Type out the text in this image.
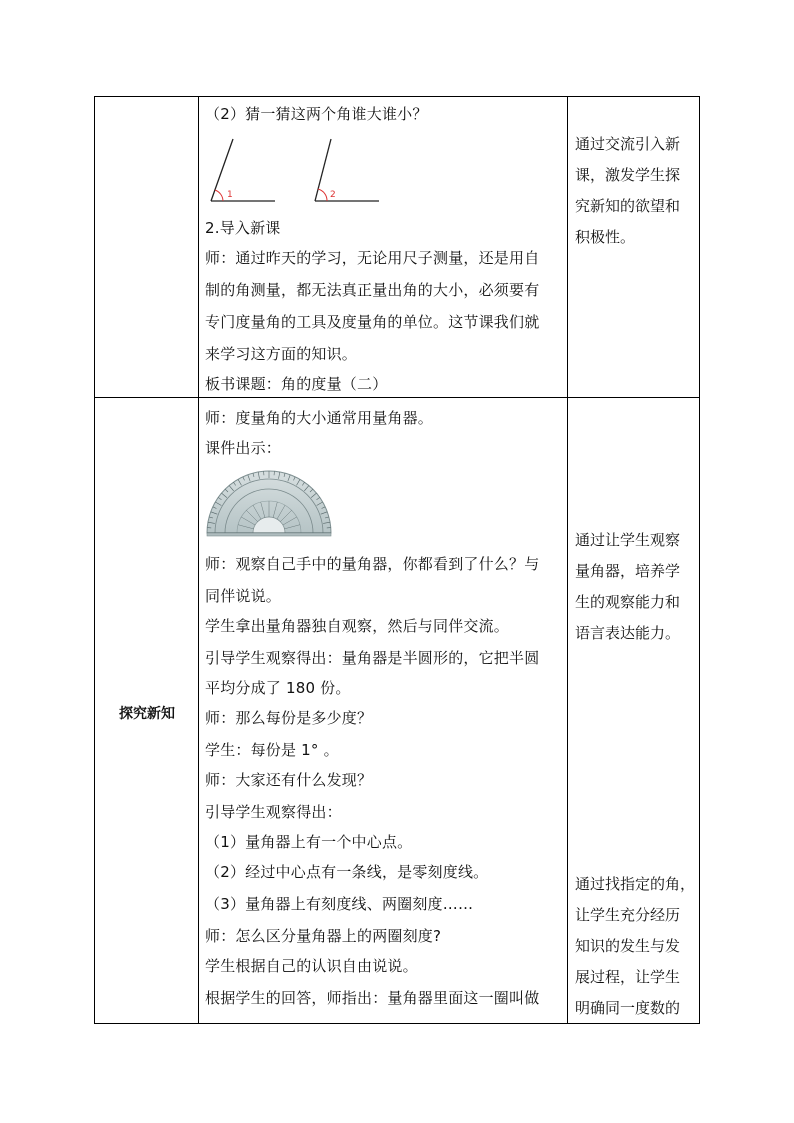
（2）猜一猜这两个角谁大谁小？
1	2
2.导入新课
师：通过昨天的学习，无论用尺子测量，还是用自
制的角测量，都无法真正量出角的大小，必须要有
专门度量角的工具及度量角的单位。这节课我们就
来学习这方面的知识。
板书课题：角的度量（二）
通过交流引入新
课，激发学生探
究新知的欲望和
积极性。
探究新知
师：度量角的大小通常用量角器。
课件出示：
师：观察自己手中的量角器，你都看到了什么？与
同伴说说。
学生拿出量角器独自观察，然后与同伴交流。
引导学生观察得出：量角器是半圆形的，它把半圆
平均分成了 180 份。
师：那么每份是多少度？
学生：每份是 1° 。
师：大家还有什么发现？
引导学生观察得出：
（1）量角器上有一个中心点。
（2）经过中心点有一条线，是零刻度线。
（3）量角器上有刻度线、两圈刻度……
师：怎么区分量角器上的两圈刻度?
学生根据自己的认识自由说说。
根据学生的回答，师指出：量角器里面这一圈叫做
通过让学生观察
量角器，培养学
生的观察能力和
语言表达能力。
通过找指定的角，
让学生充分经历
知识的发生与发
展过程，让学生
明确同一度数的
